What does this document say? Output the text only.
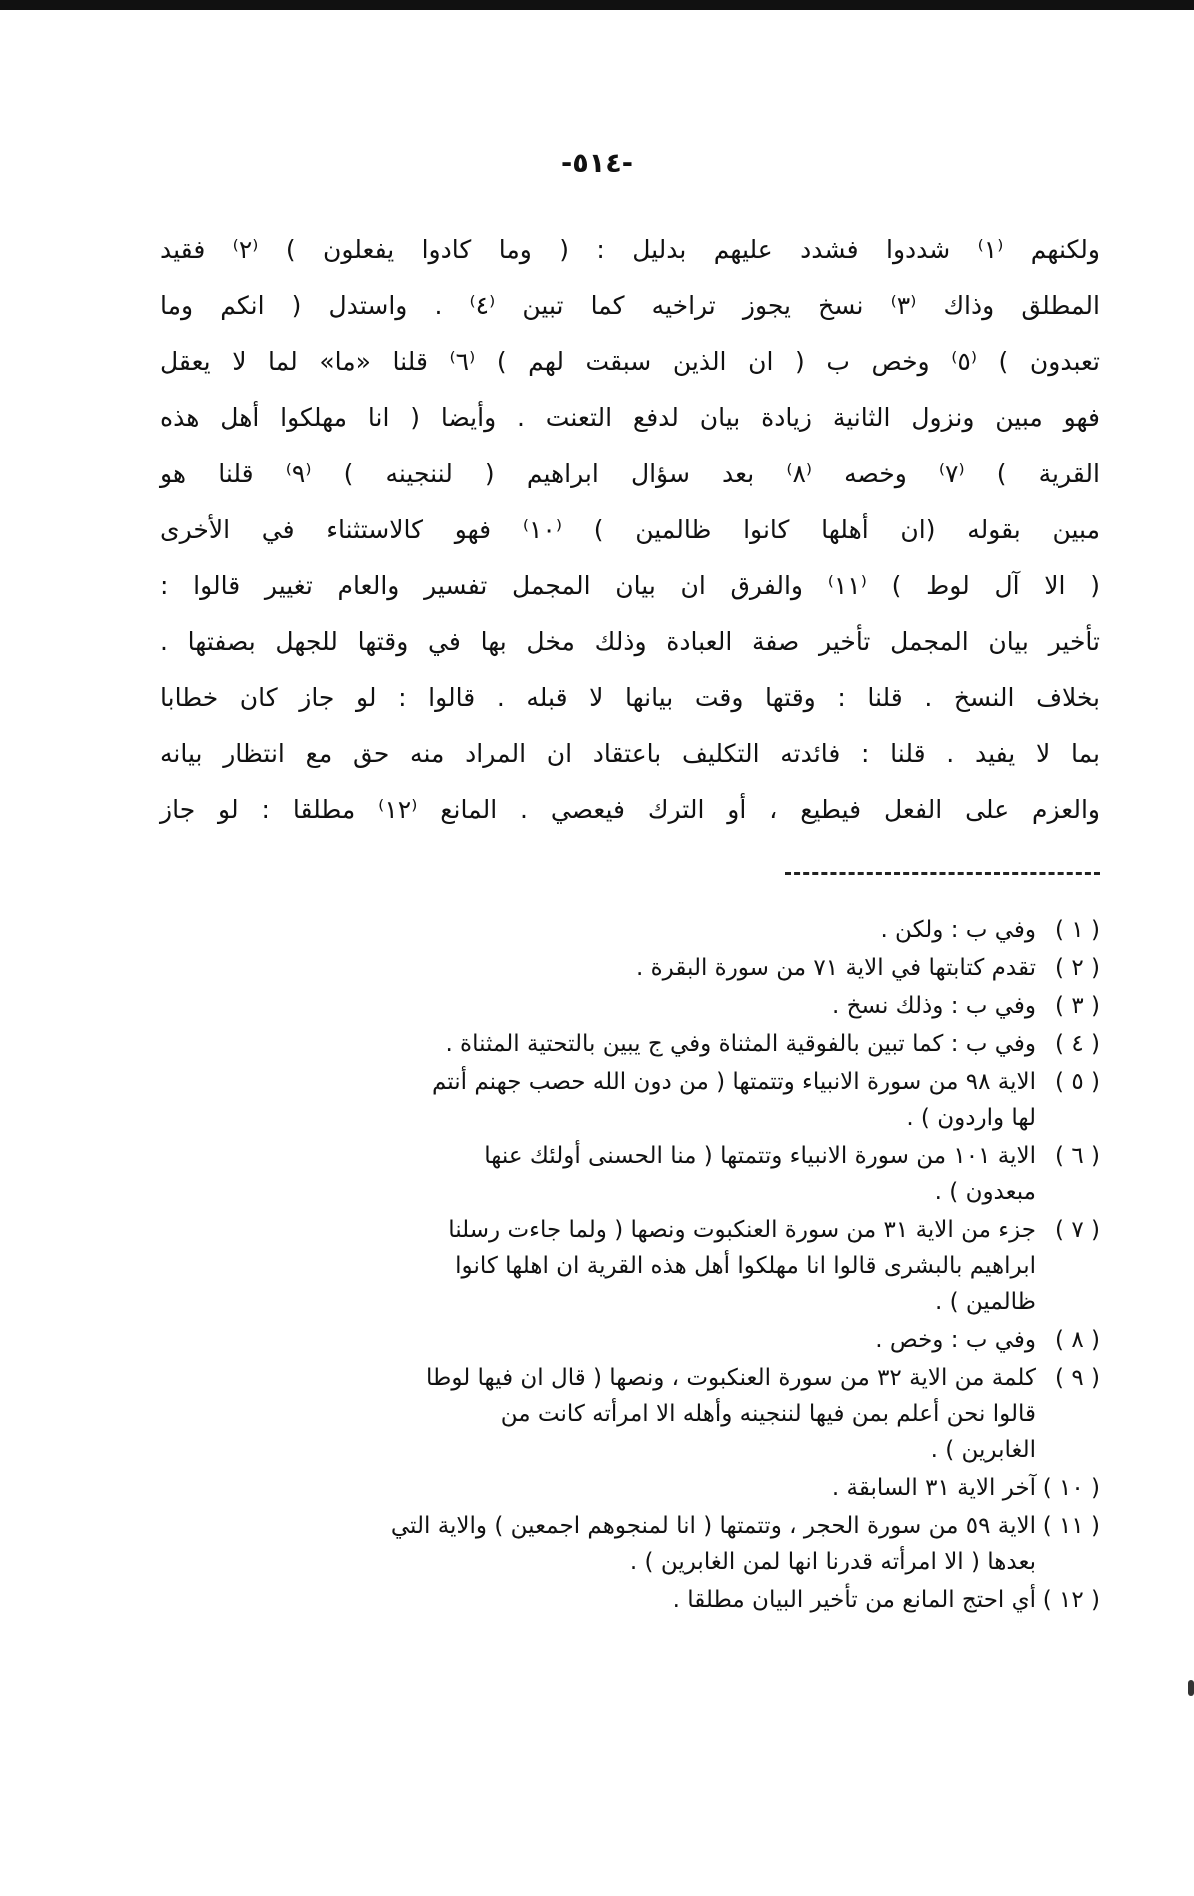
-٥١٤-
ولكنهم ⁽١⁾ شددوا فشدد عليهم بدليل : ( وما كادوا يفعلون ) ⁽٢⁾ فقيد
المطلق وذاك ⁽٣⁾ نسخ يجوز تراخيه كما تبين ⁽٤⁾ . واستدل ( انكم وما
تعبدون ) ⁽٥⁾ وخص ب ( ان الذين سبقت لهم ) ⁽٦⁾ قلنا «ما» لما لا يعقل
فهو مبين ونزول الثانية زيادة بيان لدفع التعنت . وأيضا ( انا مهلكوا أهل هذه
القرية ) ⁽٧⁾ وخصه ⁽٨⁾ بعد سؤال ابراهيم ( لننجينه ) ⁽٩⁾ قلنا هو
مبين بقوله (ان أهلها كانوا ظالمين ) ⁽١٠⁾ فهو كالاستثناء في الأخرى
( الا آل لوط ) ⁽١١⁾ والفرق ان بيان المجمل تفسير والعام تغيير قالوا :
تأخير بيان المجمل تأخير صفة العبادة وذلك مخل بها في وقتها للجهل بصفتها .
بخلاف النسخ . قلنا : وقتها وقت بيانها لا قبله . قالوا : لو جاز كان خطابا
بما لا يفيد . قلنا : فائدته التكليف باعتقاد ان المراد منه حق مع انتظار بيانه
والعزم على الفعل فيطيع ، أو الترك فيعصي . المانع ⁽١٢⁾ مطلقا : لو جاز
( ١ )
وفي ب : ولكن .
( ٢ )
تقدم كتابتها في الاية ٧١ من سورة البقرة .
( ٣ )
وفي ب : وذلك نسخ .
( ٤ )
وفي ب : كما تبين بالفوقية المثناة وفي ج يبين بالتحتية المثناة .
( ٥ )
الاية ٩٨ من سورة الانبياء وتتمتها ( من دون الله حصب جهنم أنتم
لها واردون ) .
( ٦ )
الاية ١٠١ من سورة الانبياء وتتمتها ( منا الحسنى أولئك عنها
مبعدون ) .
( ٧ )
جزء من الاية ٣١ من سورة العنكبوت ونصها ( ولما جاءت رسلنا
ابراهيم بالبشرى قالوا انا مهلكوا أهل هذه القرية ان اهلها كانوا
ظالمين ) .
( ٨ )
وفي ب : وخص .
( ٩ )
كلمة من الاية ٣٢ من سورة العنكبوت ، ونصها ( قال ان فيها لوطا
قالوا نحن أعلم بمن فيها لننجينه وأهله الا امرأته كانت من
الغابرين ) .
( ١٠ )
آخر الاية ٣١ السابقة .
( ١١ )
الاية ٥٩ من سورة الحجر ، وتتمتها ( انا لمنجوهم اجمعين ) والاية التي
بعدها ( الا امرأته قدرنا انها لمن الغابرين ) .
( ١٢ )
أي احتج المانع من تأخير البيان مطلقا .
